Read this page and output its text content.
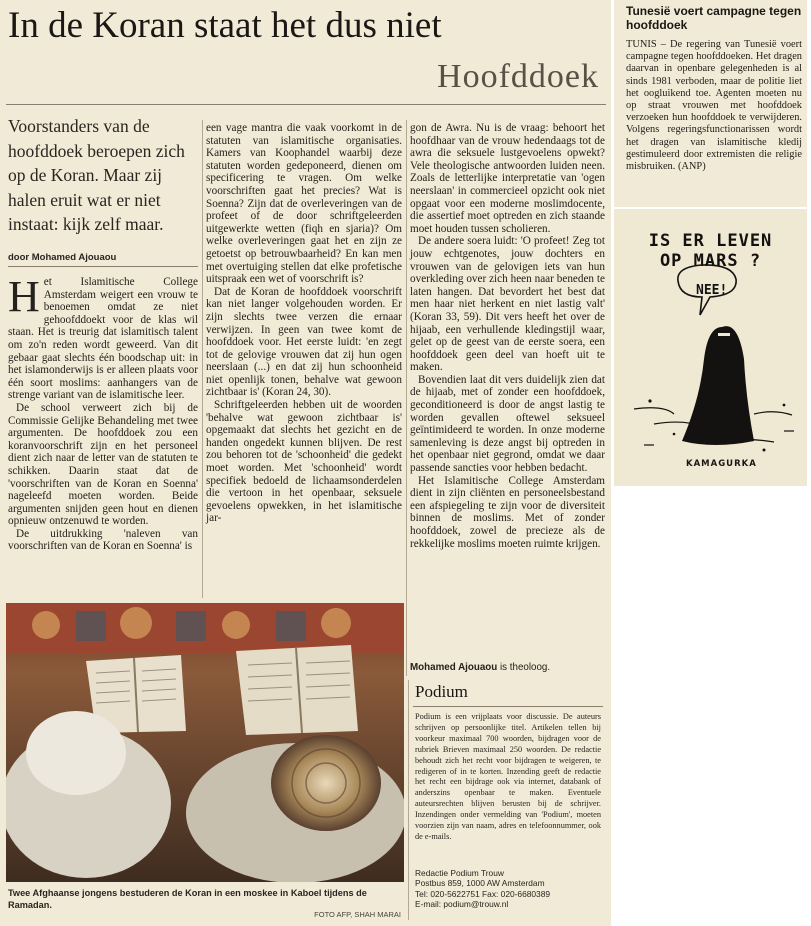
In de Koran staat het dus niet
Hoofddoek
Voorstanders van de hoofddoek beroepen zich op de Koran. Maar zij halen eruit wat er niet instaat: kijk zelf maar.
door Mohamed Ajouaou

Het Islamitische College Amsterdam weigert een vrouw te benoemen omdat ze niet gehoofddoekt voor de klas wil staan. Het is treurig dat islamitisch talent om zo'n reden wordt geweerd. Van dit gebaar gaat slechts één boodschap uit: in het islamonderwijs is er alleen plaats voor één soort moslims: aanhangers van de strenge variant van de islamitische leer.

De school verweert zich bij de Commissie Gelijke Behandeling met twee argumenten. De hoofddoek zou een koranvoorschrift zijn en het personeel dient zich naar de letter van de statuten te schikken. Daarin staat dat de 'voorschriften van de Koran en Soenna' nageleefd moeten worden. Beide argumenten snijden geen hout en dienen opnieuw ontzenuwd te worden.

De uitdrukking 'naleven van voorschriften van de Koran en Soenna' is

een vage mantra die vaak voorkomt in de statuten van islamitische organisaties. Kamers van Koophandel waarbij deze statuten worden gedeponeerd, dienen om specificering te vragen. Om welke voorschriften gaat het precies? Wat is Soenna? Zijn dat de overleveringen van de profeet of de door schriftgeleerden uitgewerkte wetten (fiqh en sjaria)? Om welke overleveringen gaat het en zijn ze getoetst op betrouwbaarheid? En kan men met overtuiging stellen dat elke profetische uitspraak een wet of voorschrift is?

Dat de Koran de hoofddoek voorschrift kan niet langer volgehouden worden. Er zijn slechts twee verzen die ernaar verwijzen. In geen van twee komt de hoofddoek voor. Het eerste luidt: 'en zegt tot de gelovige vrouwen dat zij hun ogen neerslaan (...) en dat zij hun schoonheid niet openlijk tonen, behalve wat gewoon zichtbaar is' (Koran 24, 30).

Schriftgeleerden hebben uit de woorden 'behalve wat gewoon zichtbaar is' opgemaakt dat slechts het gezicht en de handen ongedekt kunnen blijven. De rest zou behoren tot de 'schoonheid' die gedekt moet worden. Met 'schoonheid' wordt specifiek bedoeld de lichaamsonderdelen die vertoon in het openbaar, seksuele gevoelens opwekken, in het islamitische jar-

gon de Awra. Nu is de vraag: behoort het hoofdhaar van de vrouw hedendaags tot de awra die seksuele lustgevoelens opwekt? Vele theologische antwoorden luiden neen. Zoals de letterlijke interpretatie van 'ogen neerslaan' in commercieel opzicht ook niet opgaat voor een moderne moslimdocente, die assertief moet optreden en zich staande moet houden tussen scholieren.

De andere soera luidt: 'O profeet! Zeg tot jouw echtgenotes, jouw dochters en vrouwen van de gelovigen iets van hun overkleding over zich heen naar beneden te laten hangen. Dat bevordert het best dat men haar niet herkent en niet lastig valt' (Koran 33, 59). Dit vers heeft het over de hijaab, een verhullende kledingstijl waar, gelet op de geest van de eerste soera, een hoofddoek geen deel van hoeft uit te maken.

Bovendien laat dit vers duidelijk zien dat de hijaab, met of zonder een hoofddoek, geconditioneerd is door de angst lastig te worden gevallen oftewel seksueel geïntimideerd te worden. In onze moderne samenleving is deze angst bij optreden in het openbaar niet gegrond, omdat we daar passende sancties voor hebben bedacht.

Het Islamitische College Amsterdam dient in zijn cliënten en personeelsbestand een afspiegeling te zijn voor de diversiteit binnen de moslims. Met of zonder hoofddoek, zowel de precieze als de rekkelijke moslims moeten ruimte krijgen.

Twee Afghaanse jongens bestuderen de Koran in een moskee in Kaboel tijdens de Ramadan.
FOTO AFP, SHAH MARAI
Mohamed Ajouaou is theoloog.
Podium
Podium is een vrijplaats voor discussie. De auteurs schrijven op persoonlijke titel. Artikelen tellen bij voorkeur maximaal 700 woorden, bijdragen voor de rubriek Brieven maximaal 250 woorden. De redactie behoudt zich het recht voor bijdragen te weigeren, te redigeren of in te korten. Inzending geeft de redactie het recht een bijdrage ook via internet, databank of anderszins openbaar te maken. Eventuele auteursrechten blijven berusten bij de schrijver. Inzendingen onder vermelding van 'Podium', moeten voorzien zijn van naam, adres en telefoonnummer, ook de e-mails.
Redactie Podium Trouw
Postbus 859, 1000 AW Amsterdam
Tel: 020-5622751 Fax: 020-6680389
E-mail: podium@trouw.nl
Tunesië voert campagne tegen hoofddoek
TUNIS – De regering van Tunesië voert campagne tegen hoofddoeken. Het dragen daarvan in openbare gelegenheden is al sinds 1981 verboden, maar de politie liet het oogluikend toe. Agenten moeten nu op straat vrouwen met hoofddoek verzoeken hun hoofddoek te verwijderen. Volgens regeringsfunctionarissen wordt het dragen van islamitische kledij gestimuleerd door extremisten die religie misbruiken. (ANP)
IS ER LEVEN
OP MARS ?
NEE!
KAMAGURKA
